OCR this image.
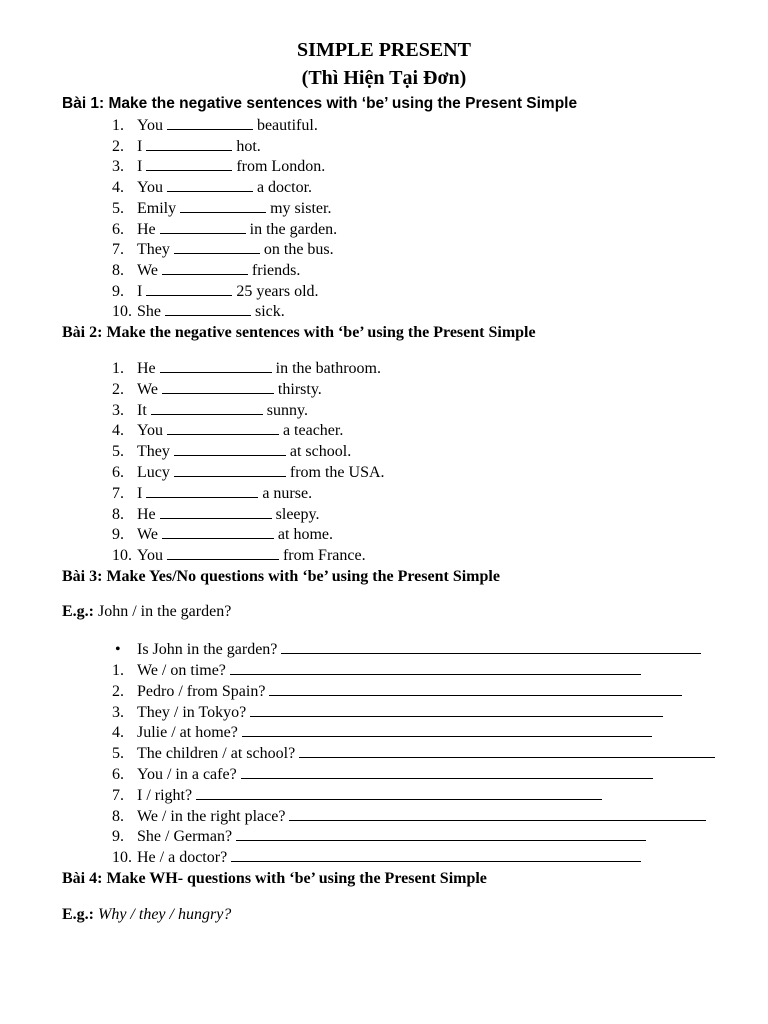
SIMPLE PRESENT
(Thì Hiện Tại Đơn)
Bài 1: Make the negative sentences with ‘be’ using the Present Simple
1. You	beautiful.
2. I	hot.
3. I	from London.
4. You	a doctor.
5. Emily	my sister.
6. He	in the garden.
7. They	on the bus.
8. We	friends.
9. I	25 years old.
10. She	sick.
Bài 2: Make the negative sentences with ‘be’ using the Present Simple
1. He	in the bathroom.
2. We	thirsty.
3. It	sunny.
4. You	a teacher.
5. They	at school.
6. Lucy	from the USA.
7. I	a nurse.
8. He	sleepy.
9. We	at home.
10. You	from France.
Bài 3: Make Yes/No questions with ‘be’ using the Present Simple
E.g.: John / in the garden?
• Is John in the garden?
1. We / on time?
2. Pedro / from Spain?
3. They / in Tokyo?
4. Julie / at home?
5. The children / at school?
6. You / in a cafe?
7. I / right?
8. We / in the right place?
9. She / German?
10. He / a doctor?
Bài 4: Make WH- questions with ‘be’ using the Present Simple
E.g.: Why / they / hungry?
